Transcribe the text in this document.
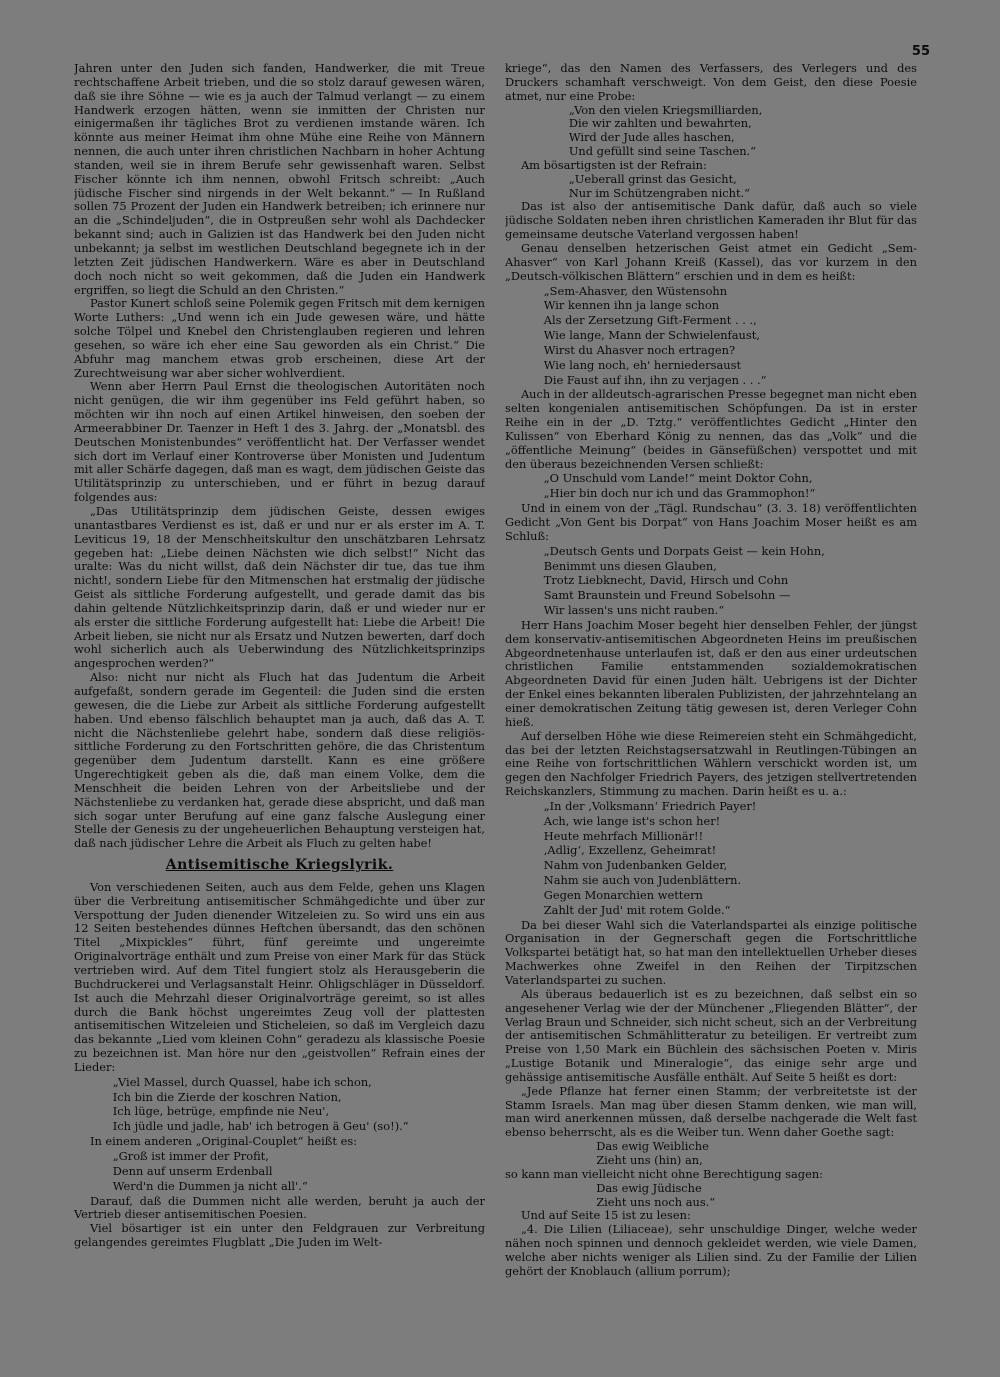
55

Jahren unter den Juden sich fanden, Handwerker, die mit Treue rechtschaffene Arbeit trieben, und die so stolz darauf gewesen wären, daß sie ihre Söhne — wie es ja auch der Talmud verlangt — zu einem Handwerk erzogen hätten, wenn sie inmitten der Christen nur einigermaßen ihr tägliches Brot zu verdienen imstande wären. Ich könnte aus meiner Heimat ihm ohne Mühe eine Reihe von Männern nennen, die auch unter ihren christlichen Nachbarn in hoher Achtung standen, weil sie in ihrem Berufe sehr gewissenhaft waren. Selbst Fischer könnte ich ihm nennen, obwohl Fritsch schreibt: „Auch jüdische Fischer sind nirgends in der Welt bekannt.“ — In Rußland sollen 75 Prozent der Juden ein Handwerk betreiben; ich erinnere nur an die „Schindeljuden“, die in Ostpreußen sehr wohl als Dachdecker bekannt sind; auch in Galizien ist das Handwerk bei den Juden nicht unbekannt; ja selbst im westlichen Deutschland begegnete ich in der letzten Zeit jüdischen Handwerkern. Wäre es aber in Deutschland doch noch nicht so weit gekommen, daß die Juden ein Handwerk ergriffen, so liegt die Schuld an den Christen.“

Pastor Kunert schloß seine Polemik gegen Fritsch mit dem kernigen Worte Luthers: „Und wenn ich ein Jude gewesen wäre, und hätte solche Tölpel und Knebel den Christenglauben regieren und lehren gesehen, so wäre ich eher eine Sau geworden als ein Christ.“ Die Abfuhr mag manchem etwas grob erscheinen, diese Art der Zurechtweisung war aber sicher wohlverdient.

Wenn aber Herrn Paul Ernst die theologischen Autoritäten noch nicht genügen, die wir ihm gegenüber ins Feld geführt haben, so möchten wir ihn noch auf einen Artikel hinweisen, den soeben der Armeerabbiner Dr. Taenzer in Heft 1 des 3. Jahrg. der „Monatsbl. des Deutschen Monistenbundes“ veröffentlicht hat. Der Verfasser wendet sich dort im Verlauf einer Kontroverse über Monisten und Judentum mit aller Schärfe dagegen, daß man es wagt, dem jüdischen Geiste das Utilitätsprinzip zu unterschieben, und er führt in bezug darauf folgendes aus:

„Das Utilitätsprinzip dem jüdischen Geiste, dessen ewiges unantastbares Verdienst es ist, daß er und nur er als erster im A. T. Leviticus 19, 18 der Menschheitskultur den unschätzbaren Lehrsatz gegeben hat: „Liebe deinen Nächsten wie dich selbst!“ Nicht das uralte: Was du nicht willst, daß dein Nächster dir tue, das tue ihm nicht!, sondern Liebe für den Mitmenschen hat erstmalig der jüdische Geist als sittliche Forderung aufgestellt, und gerade damit das bis dahin geltende Nützlichkeitsprinzip darin, daß er und wieder nur er als erster die sittliche Forderung aufgestellt hat: Liebe die Arbeit! Die Arbeit lieben, sie nicht nur als Ersatz und Nutzen bewerten, darf doch wohl sicherlich auch als Ueberwindung des Nützlichkeitsprinzips angesprochen werden?“

Also: nicht nur nicht als Fluch hat das Judentum die Arbeit aufgefaßt, sondern gerade im Gegenteil: die Juden sind die ersten gewesen, die die Liebe zur Arbeit als sittliche Forderung aufgestellt haben. Und ebenso fälschlich behauptet man ja auch, daß das A. T. nicht die Nächstenliebe gelehrt habe, sondern daß diese religiös-sittliche Forderung zu den Fortschritten gehöre, die das Christentum gegenüber dem Judentum darstellt. Kann es eine größere Ungerechtigkeit geben als die, daß man einem Volke, dem die Menschheit die beiden Lehren von der Arbeitsliebe und der Nächstenliebe zu verdanken hat, gerade diese abspricht, und daß man sich sogar unter Berufung auf eine ganz falsche Auslegung einer Stelle der Genesis zu der ungeheuerlichen Behauptung versteigen hat, daß nach jüdischer Lehre die Arbeit als Fluch zu gelten habe!

Antisemitische Kriegslyrik.

Von verschiedenen Seiten, auch aus dem Felde, gehen uns Klagen über die Verbreitung antisemitischer Schmähgedichte und über zur Verspottung der Juden dienender Witzeleien zu. So wird uns ein aus 12 Seiten bestehendes dünnes Heftchen übersandt, das den schönen Titel „Mixpickles“ führt, fünf gereimte und ungereimte Originalvorträge enthält und zum Preise von einer Mark für das Stück vertrieben wird. Auf dem Titel fungiert stolz als Herausgeberin die Buchdruckerei und Verlagsanstalt Heinr. Ohligschläger in Düsseldorf. Ist auch die Mehrzahl dieser Originalvorträge gereimt, so ist alles durch die Bank höchst ungereimtes Zeug voll der plattesten antisemitischen Witzeleien und Sticheleien, so daß im Vergleich dazu das bekannte „Lied vom kleinen Cohn“ geradezu als klassische Poesie zu bezeichnen ist. Man höre nur den „geistvollen“ Refrain eines der Lieder:

„Viel Massel, durch Quassel, habe ich schon,

Ich bin die Zierde der koschren Nation,

Ich lüge, betrüge, empfinde nie Neu',

Ich jüdle und jadle, hab' ich betrogen ä Geu' (so!).“

In einem anderen „Original-Couplet“ heißt es:

„Groß ist immer der Profit,

Denn auf unserm Erdenball

Werd'n die Dummen ja nicht all'.“

Darauf, daß die Dummen nicht alle werden, beruht ja auch der Vertrieb dieser antisemitischen Poesien.

Viel bösartiger ist ein unter den Feldgrauen zur Verbreitung gelangendes gereimtes Flugblatt „Die Juden im Welt-

kriege“, das den Namen des Verfassers, des Verlegers und des Druckers schamhaft verschweigt. Von dem Geist, den diese Poesie atmet, nur eine Probe:

„Von den vielen Kriegsmilliarden,

Die wir zahlten und bewahrten,

Wird der Jude alles haschen,

Und gefüllt sind seine Taschen.“

Am bösartigsten ist der Refrain:

„Ueberall grinst das Gesicht,

Nur im Schützengraben nicht.“

Das ist also der antisemitische Dank dafür, daß auch so viele jüdische Soldaten neben ihren christlichen Kameraden ihr Blut für das gemeinsame deutsche Vaterland vergossen haben!

Genau denselben hetzerischen Geist atmet ein Gedicht „Sem-Ahasver“ von Karl Johann Kreiß (Kassel), das vor kurzem in den „Deutsch-völkischen Blättern“ erschien und in dem es heißt:

„Sem-Ahasver, den Wüstensohn

Wir kennen ihn ja lange schon

Als der Zersetzung Gift-Ferment . . .,

Wie lange, Mann der Schwielenfaust,

Wirst du Ahasver noch ertragen?

Wie lang noch, eh' herniedersaust

Die Faust auf ihn, ihn zu verjagen . . .“

Auch in der alldeutsch-agrarischen Presse begegnet man nicht eben selten kongenialen antisemitischen Schöpfungen. Da ist in erster Reihe ein in der „D. Tztg.“ veröffentlichtes Gedicht „Hinter den Kulissen“ von Eberhard König zu nennen, das das „Volk“ und die „öffentliche Meinung“ (beides in Gänsefüßchen) verspottet und mit den überaus bezeichnenden Versen schließt:

„O Unschuld vom Lande!“ meint Doktor Cohn,

„Hier bin doch nur ich und das Grammophon!“

Und in einem von der „Tägl. Rundschau“ (3. 3. 18) veröffentlichten Gedicht „Von Gent bis Dorpat“ von Hans Joachim Moser heißt es am Schluß:

„Deutsch Gents und Dorpats Geist — kein Hohn,

Benimmt uns diesen Glauben,

Trotz Liebknecht, David, Hirsch und Cohn

Samt Braunstein und Freund Sobelsohn —

Wir lassen's uns nicht rauben.“

Herr Hans Joachim Moser begeht hier denselben Fehler, der jüngst dem konservativ-antisemitischen Abgeordneten Heins im preußischen Abgeordnetenhause unterlaufen ist, daß er den aus einer urdeutschen christlichen Familie entstammenden sozialdemokratischen Abgeordneten David für einen Juden hält. Uebrigens ist der Dichter der Enkel eines bekannten liberalen Publizisten, der jahrzehntelang an einer demokratischen Zeitung tätig gewesen ist, deren Verleger Cohn hieß.

Auf derselben Höhe wie diese Reimereien steht ein Schmähgedicht, das bei der letzten Reichstagsersatzwahl in Reutlingen-Tübingen an eine Reihe von fortschrittlichen Wählern verschickt worden ist, um gegen den Nachfolger Friedrich Payers, des jetzigen stellvertretenden Reichskanzlers, Stimmung zu machen. Darin heißt es u. a.:

„In der ‚Volksmann‘ Friedrich Payer!

Ach, wie lange ist's schon her!

Heute mehrfach Millionär!!

‚Adlig‘, Exzellenz, Geheimrat!

Nahm von Judenbanken Gelder,

Nahm sie auch von Judenblättern.

Gegen Monarchien wettern

Zahlt der Jud' mit rotem Golde.“

Da bei dieser Wahl sich die Vaterlandspartei als einzige politische Organisation in der Gegnerschaft gegen die Fortschrittliche Volkspartei betätigt hat, so hat man den intellektuellen Urheber dieses Machwerkes ohne Zweifel in den Reihen der Tirpitzschen Vaterlandspartei zu suchen.

Als überaus bedauerlich ist es zu bezeichnen, daß selbst ein so angesehener Verlag wie der der Münchener „Fliegenden Blätter“, der Verlag Braun und Schneider, sich nicht scheut, sich an der Verbreitung der antisemitischen Schmählitteratur zu beteiligen. Er vertreibt zum Preise von 1,50 Mark ein Büchlein des sächsischen Poeten v. Miris „Lustige Botanik und Mineralogie“, das einige sehr arge und gehässige antisemitische Ausfälle enthält. Auf Seite 5 heißt es dort:

„Jede Pflanze hat ferner einen Stamm; der verbreitetste ist der Stamm Israels. Man mag über diesen Stamm denken, wie man will, man wird anerkennen müssen, daß derselbe nachgerade die Welt fast ebenso beherrscht, als es die Weiber tun. Wenn daher Goethe sagt:

Das ewig Weibliche

Zieht uns (hin) an,

so kann man vielleicht nicht ohne Berechtigung sagen:

Das ewig Jüdische

Zieht uns noch aus.“

Und auf Seite 15 ist zu lesen:

„4. Die Lilien (Liliaceae), sehr unschuldige Dinger, welche weder nähen noch spinnen und dennoch gekleidet werden, wie viele Damen, welche aber nichts weniger als Lilien sind. Zu der Familie der Lilien gehört der Knoblauch (allium porrum);
